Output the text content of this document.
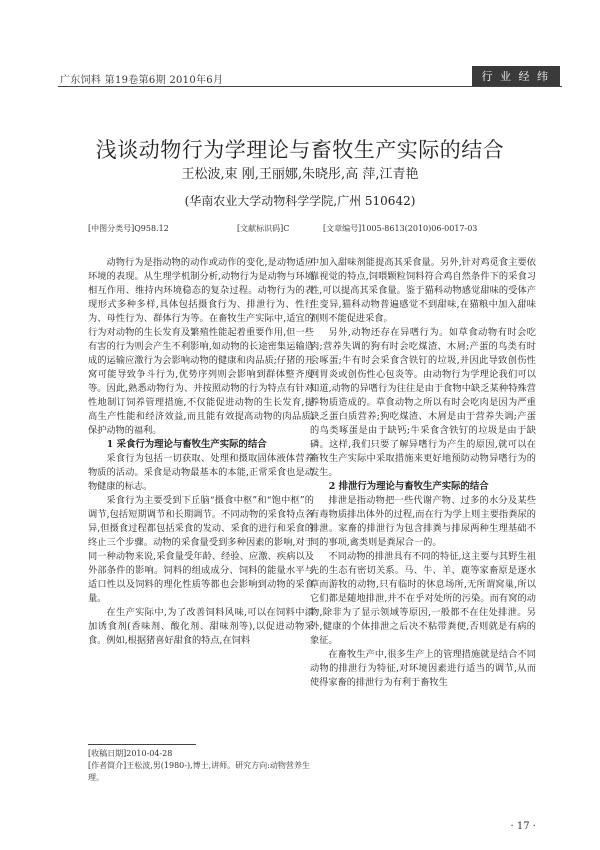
广东饲料 第19卷第6期 2010年6月	行 业 经 纬
浅谈动物行为学理论与畜牧生产实际的结合
王松波,束 刚,王丽娜,朱晓彤,高 萍,江青艳
(华南农业大学动物科学学院,广州 510642)
[中图分类号]Q958.12	[文献标识码]C	[文章编号]1005-8613(2010)06-0017-03

动物行为是指动物的动作或动作的变化,是动物适应环境的表现。从生理学机制分析,动物行为是动物与环境相互作用、维持内环境稳态的复杂过程。动物行为的表现形式多种多样,具体包括摄食行为、排泄行为、性行为、母性行为、群体行为等。在畜牧生产实际中,适宜的行为对动物的生长发育及繁殖性能起着重要作用,但一些有害的行为则会产生不利影响,如动物的长途密集运输造成的运输应激行为会影响动物的健康和肉品质;仔猪的开窝可能导致争斗行为,优势序列则会影响到群体整齐度等。因此,熟悉动物行为、并按照动物的行为特点有针对性地制订饲养管理措施,不仅能促进动物的生长发育,提高生产性能和经济效益,而且能有效提高动物的肉品质,保护动物的福利。

1 采食行为理论与畜牧生产实际的结合

采食行为包括一切获取、处理和摄取固体液体营养物质的活动。采食是动物最基本的本能,正常采食也是动物健康的标志。

采食行为主要受到下丘脑“摄食中枢”和“饱中枢”的调节,包括短期调节和长期调节。不同动物的采食特点各异,但摄食过程都包括采食的发动、采食的进行和采食的终止三个步骤。动物的采食量受到多种因素的影响,对于同一种动物来说,采食量受年龄、经验、应激、疾病以及外部条件的影响。饲料的组成成分、饲料的能量水平与适口性以及饲料的理化性质等都也会影响到动物的采食量。

在生产实际中,为了改善饲料风味,可以在饲料中添加诱食剂(香味剂、酸化剂、甜味剂等),以促进动物采食。例如,根据猪喜好甜食的特点,在饲料

中加入甜味剂能提高其采食量。另外,针对鸡觅食主要依靠视觉的特点,饲喂颗粒饲料符合鸡自然条件下的采食习性,可以提高其采食量。鉴于猫科动物感觉甜味的受体产生变异,猫科动物普遍感觉不到甜味,在猫粮中加入甜味剂则不能促进采食。

另外,动物还存在异嗜行为。如草食动物有时会吃肉;营养失调的狗有时会吃煤渣、木屑;产蛋的鸟类有时会啄蛋;牛有时会采食含铁钉的垃圾,并因此导致创伤性网胃炎或创伤性心包炎等。由动物行为学理论我们可以知道,动物的异嗜行为往往是由于食物中缺乏某种特殊营养物质造成的。草食动物之所以有时会吃肉是因为严重缺乏蛋白质营养;狗吃煤渣、木屑是由于营养失调;产蛋的鸟类啄蛋是由于缺钙;牛采食含铁钉的垃圾是由于缺磷。这样,我们只要了解异嗜行为产生的原因,就可以在畜牧生产实际中采取措施来更好地预防动物异嗜行为的发生。

2 排泄行为理论与畜牧生产实际的结合

排泄是指动物把一些代谢产物、过多的水分及某些有毒物质排出体外的过程,而在行为学上则主要指粪尿的排泄。家畜的排泄行为包含排粪与排尿两种生理基础不同的事项,禽类则是粪尿合一的。

不同动物的排泄具有不同的特征,这主要与其野生祖先的生态有密切关系。马、牛、羊、鹿等家畜原是逐水草而游牧的动物,只有临时的休息场所,无所谓窝巢,所以它们都是随地排泄,并不在乎对处所的污染。而有窝的动物,除非为了显示领域等原因,一般都不在住处排泄。另外,健康的个体排泄之后决不粘带粪便,否则就是有病的象征。

在畜牧生产中,很多生产上的管理措施就是结合不同动物的排泄行为特征,对环境因素进行适当的调节,从而使得家畜的排泄行为有利于畜牧生

[收稿日期]2010-04-28
[作者简介]王松波,男(1980-),博士,讲师。研究方向:动物营养生理。
· 17 ·
